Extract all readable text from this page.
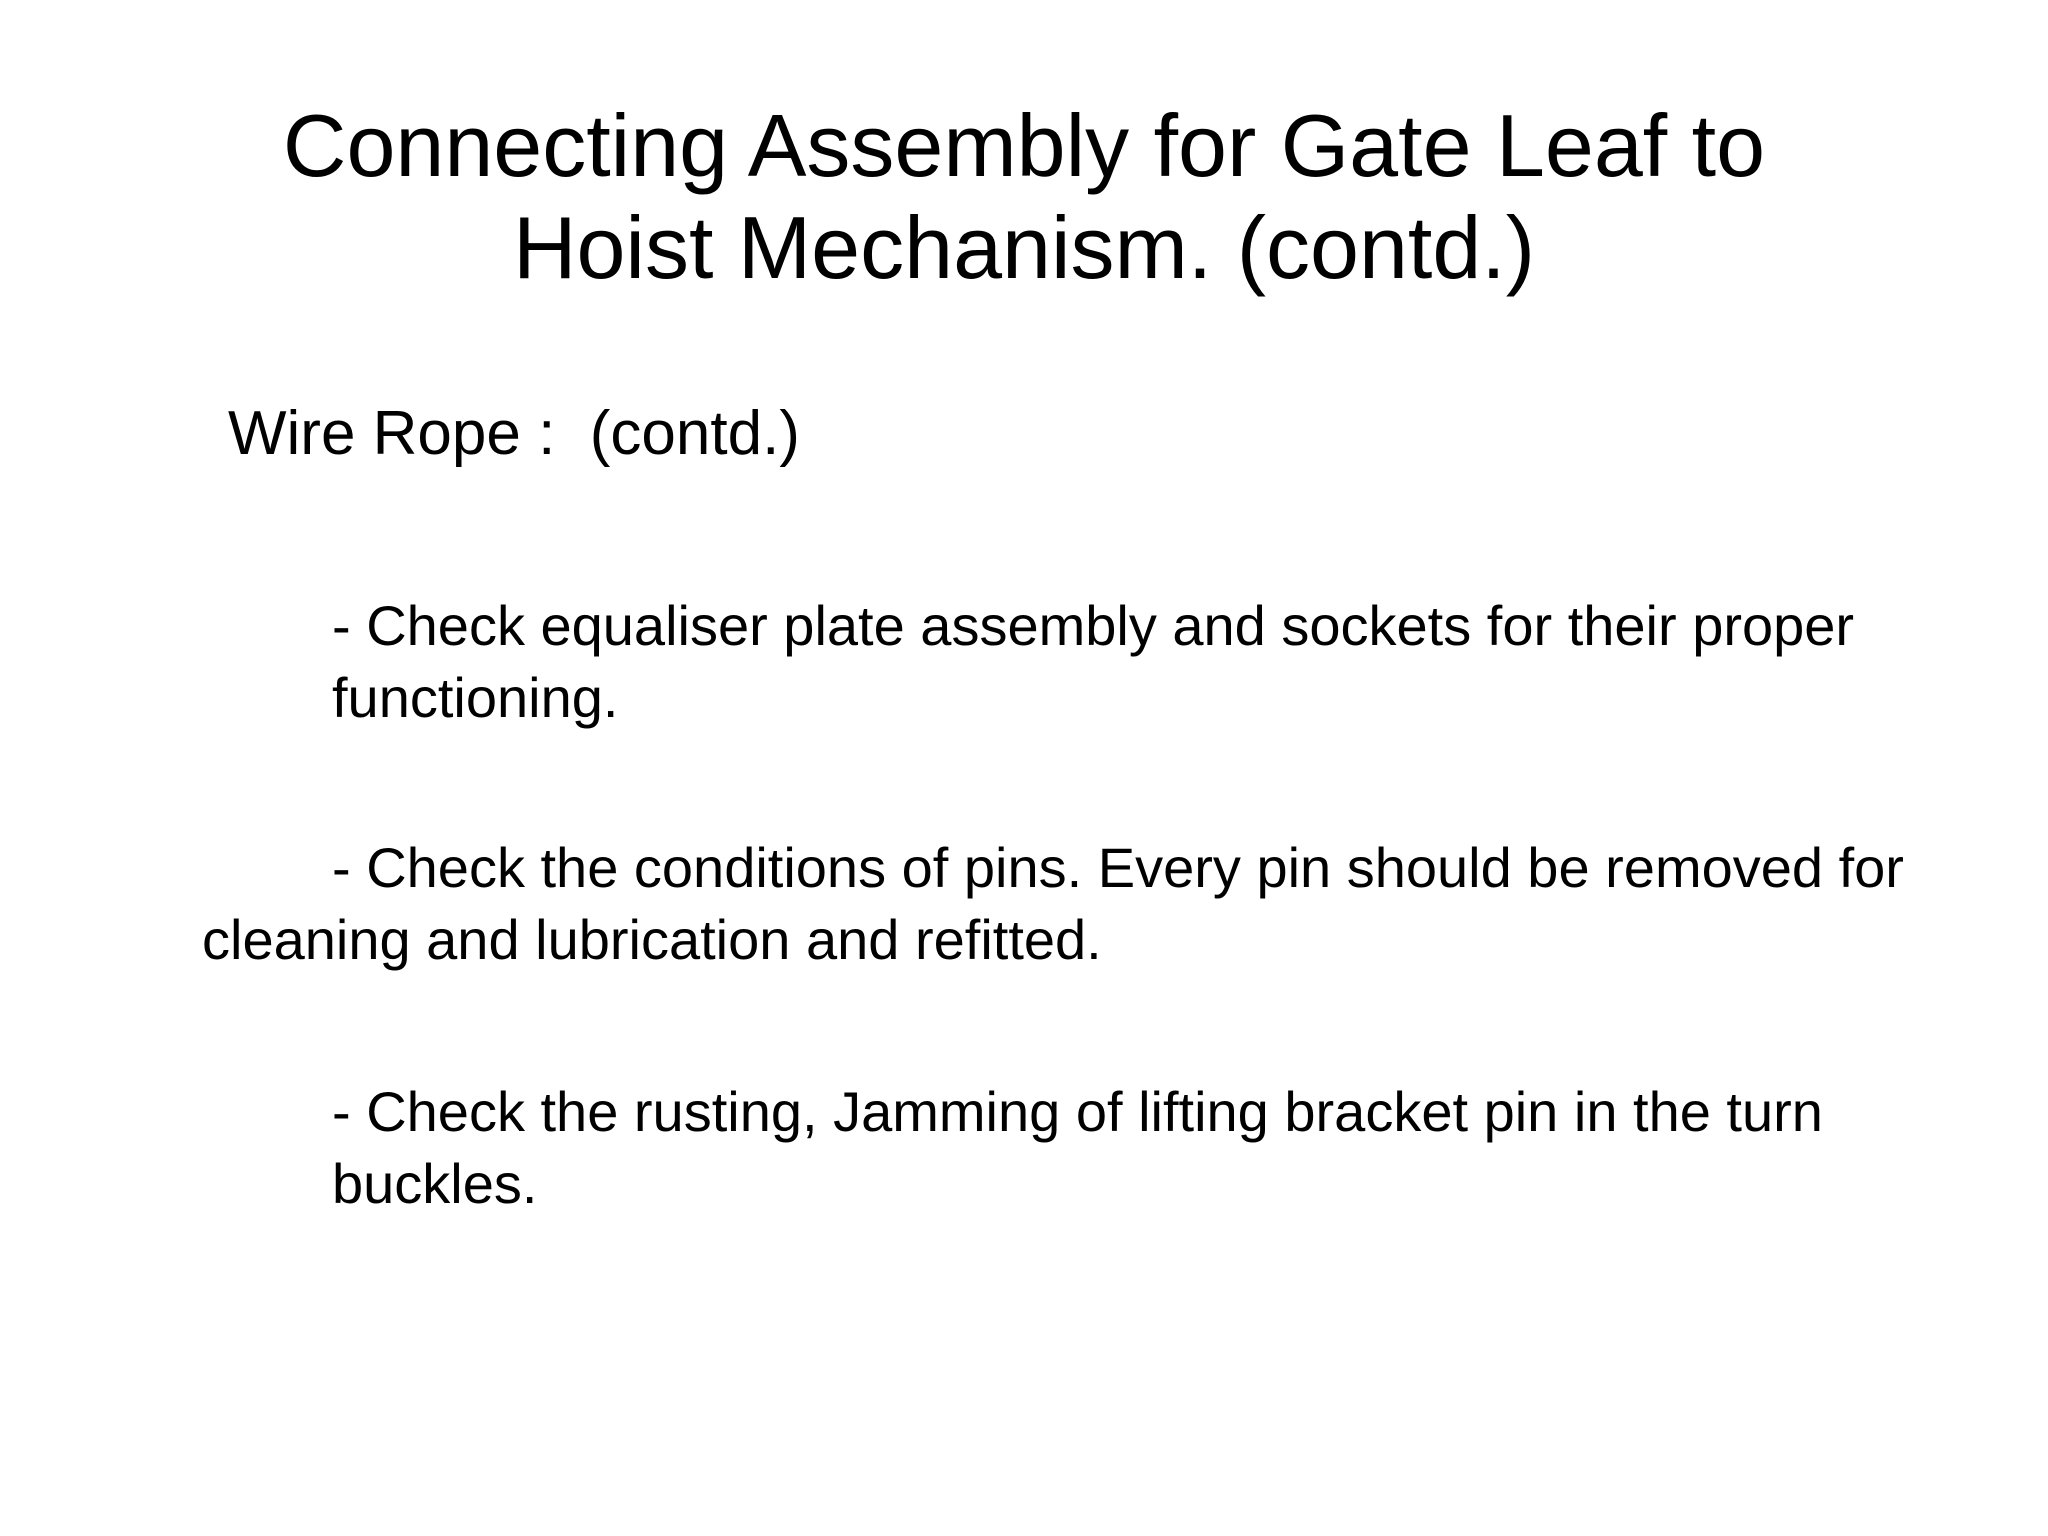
Connecting Assembly for Gate Leaf to
Hoist Mechanism. (contd.)

Wire Rope :  (contd.)

- Check equaliser plate assembly and sockets for their proper functioning.

- Check the conditions of pins. Every pin should be removed for cleaning and lubrication and refitted.

- Check the rusting, Jamming of lifting bracket pin in the turn buckles.
